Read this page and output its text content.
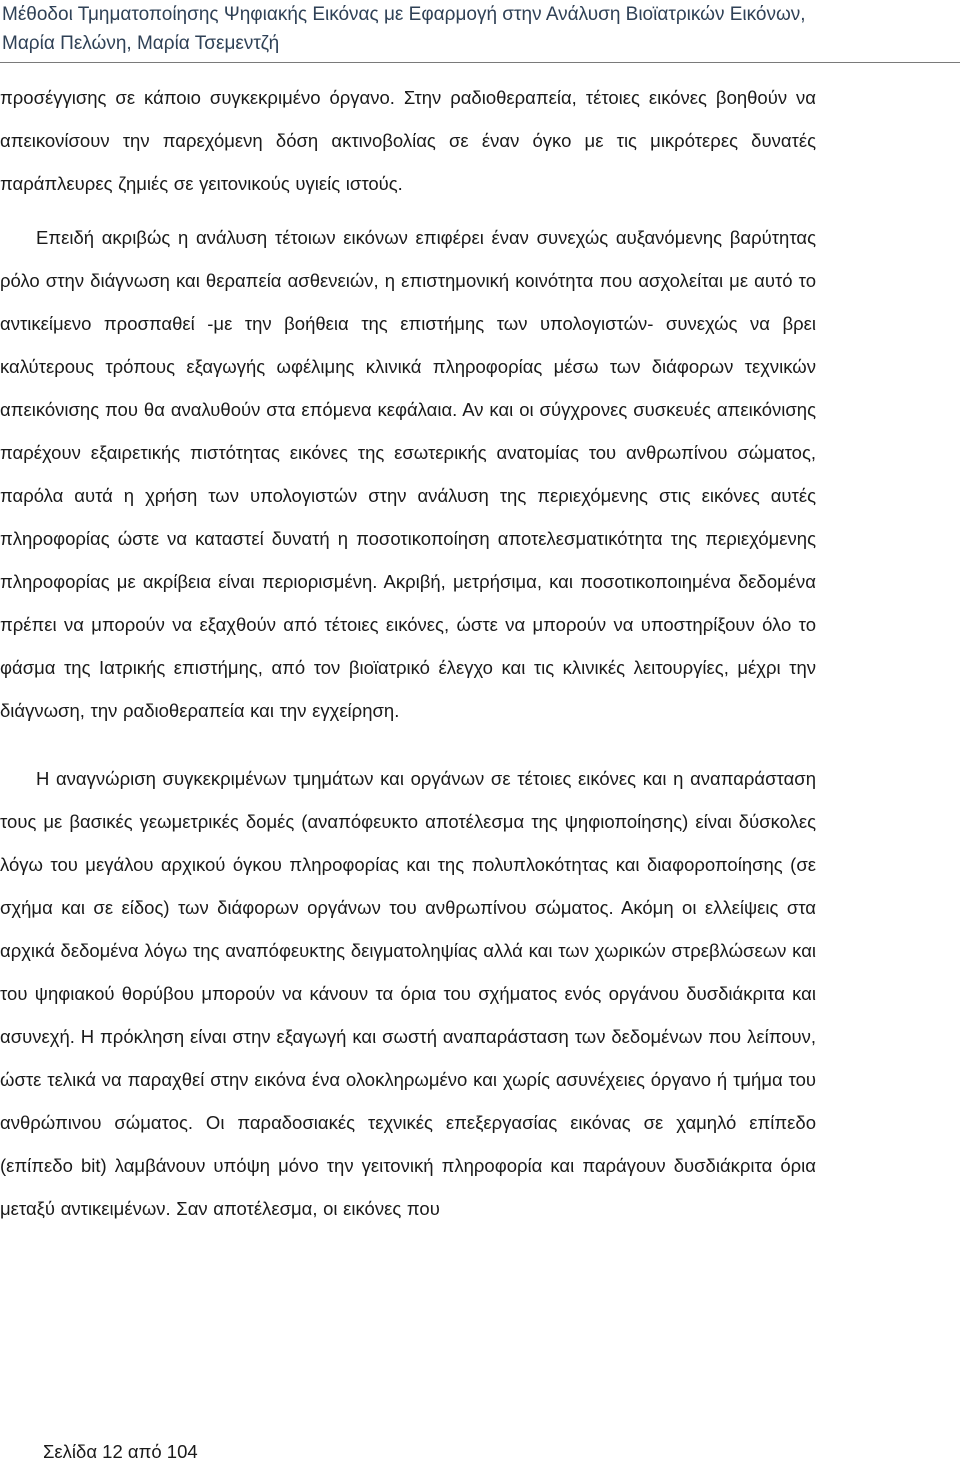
Μέθοδοι Τμηματοποίησης Ψηφιακής Εικόνας με Εφαρμογή στην Ανάλυση Βιοϊατρικών Εικόνων,

Μαρία Πελώνη, Μαρία Τσεμεντζή

προσέγγισης σε κάποιο συγκεκριμένο όργανο. Στην ραδιοθεραπεία, τέτοιες εικόνες βοηθούν να απεικονίσουν την παρεχόμενη δόση ακτινοβολίας σε έναν όγκο με τις μικρότερες δυνατές παράπλευρες ζημιές σε γειτονικούς υγιείς ιστούς.

Επειδή ακριβώς η ανάλυση τέτοιων εικόνων επιφέρει έναν συνεχώς αυξανόμενης βαρύτητας ρόλο στην διάγνωση και θεραπεία ασθενειών, η επιστημονική κοινότητα που ασχολείται με αυτό το αντικείμενο προσπαθεί -με την βοήθεια της επιστήμης των υπολογιστών- συνεχώς να βρει καλύτερους τρόπους εξαγωγής ωφέλιμης κλινικά πληροφορίας μέσω των διάφορων τεχνικών απεικόνισης που θα αναλυθούν στα επόμενα κεφάλαια. Αν και οι σύγχρονες συσκευές απεικόνισης παρέχουν εξαιρετικής πιστότητας εικόνες της εσωτερικής ανατομίας του ανθρωπίνου σώματος, παρόλα αυτά η χρήση των υπολογιστών στην ανάλυση της περιεχόμενης στις εικόνες αυτές πληροφορίας ώστε να καταστεί δυνατή η ποσοτικοποίηση αποτελεσματικότητα της περιεχόμενης πληροφορίας με ακρίβεια είναι περιορισμένη. Ακριβή, μετρήσιμα, και ποσοτικοποιημένα δεδομένα πρέπει να μπορούν να εξαχθούν από τέτοιες εικόνες, ώστε να μπορούν να υποστηρίξουν όλο το φάσμα της Ιατρικής επιστήμης, από τον βιοϊατρικό έλεγχο και τις κλινικές λειτουργίες, μέχρι την διάγνωση, την ραδιοθεραπεία και την εγχείρηση.

Η αναγνώριση συγκεκριμένων τμημάτων και οργάνων σε τέτοιες εικόνες και η αναπαράσταση τους με βασικές γεωμετρικές δομές (αναπόφευκτο αποτέλεσμα της ψηφιοποίησης) είναι δύσκολες λόγω του μεγάλου αρχικού όγκου πληροφορίας και της πολυπλοκότητας και διαφοροποίησης (σε σχήμα και σε είδος) των διάφορων οργάνων του ανθρωπίνου σώματος. Ακόμη οι ελλείψεις στα αρχικά δεδομένα λόγω της αναπόφευκτης δειγματοληψίας αλλά και των χωρικών στρεβλώσεων και του ψηφιακού θορύβου μπορούν να κάνουν τα όρια του σχήματος ενός οργάνου δυσδιάκριτα και ασυνεχή. Η πρόκληση είναι στην εξαγωγή και σωστή αναπαράσταση των δεδομένων που λείπουν, ώστε τελικά να παραχθεί στην εικόνα ένα ολοκληρωμένο και χωρίς ασυνέχειες όργανο ή τμήμα του ανθρώπινου σώματος. Οι παραδοσιακές τεχνικές επεξεργασίας εικόνας σε χαμηλό επίπεδο (επίπεδο bit) λαμβάνουν υπόψη μόνο την γειτονική πληροφορία και παράγουν δυσδιάκριτα όρια μεταξύ αντικειμένων. Σαν αποτέλεσμα, οι εικόνες που

Σελίδα 12 από 104
